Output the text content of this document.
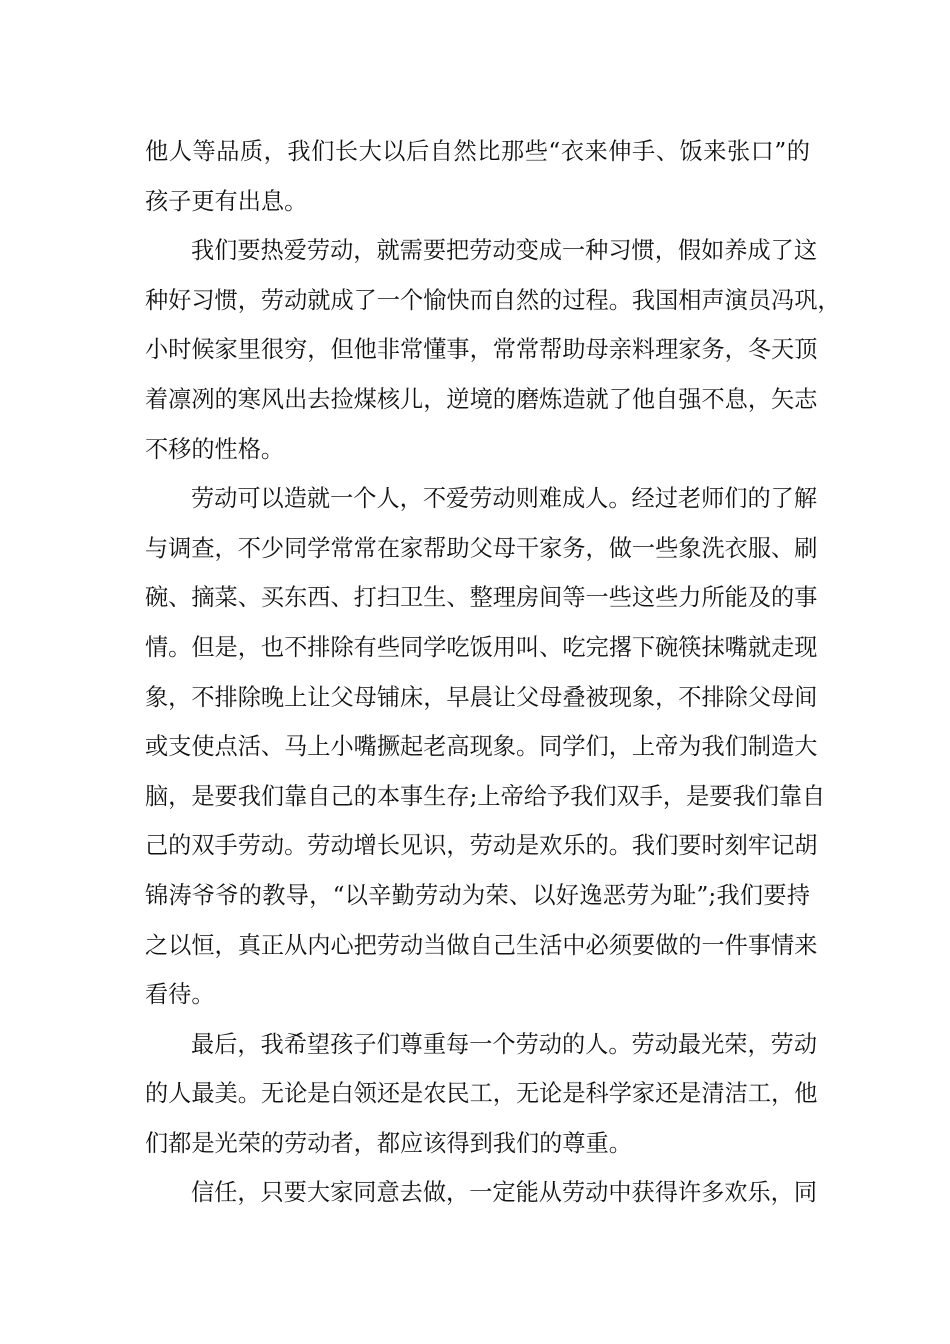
他人等品质，我们长大以后自然比那些“衣来伸手、饭来张口”的
孩子更有出息。
我们要热爱劳动，就需要把劳动变成一种习惯，假如养成了这
种好习惯，劳动就成了一个愉快而自然的过程。我国相声演员冯巩，
小时候家里很穷，但他非常懂事，常常帮助母亲料理家务，冬天顶
着凛冽的寒风出去捡煤核儿，逆境的磨炼造就了他自强不息，矢志
不移的性格。
劳动可以造就一个人，不爱劳动则难成人。经过老师们的了解
与调查，不少同学常常在家帮助父母干家务，做一些象洗衣服、刷
碗、摘菜、买东西、打扫卫生、整理房间等一些这些力所能及的事
情。但是，也不排除有些同学吃饭用叫、吃完撂下碗筷抹嘴就走现
象，不排除晚上让父母铺床，早晨让父母叠被现象，不排除父母间
或支使点活、马上小嘴撅起老高现象。同学们，上帝为我们制造大
脑，是要我们靠自己的本事生存;上帝给予我们双手，是要我们靠自
己的双手劳动。劳动增长见识，劳动是欢乐的。我们要时刻牢记胡
锦涛爷爷的教导，“以辛勤劳动为荣、以好逸恶劳为耻”;我们要持
之以恒，真正从内心把劳动当做自己生活中必须要做的一件事情来
看待。
最后，我希望孩子们尊重每一个劳动的人。劳动最光荣，劳动
的人最美。无论是白领还是农民工，无论是科学家还是清洁工，他
们都是光荣的劳动者，都应该得到我们的尊重。
信任，只要大家同意去做，一定能从劳动中获得许多欢乐，同
